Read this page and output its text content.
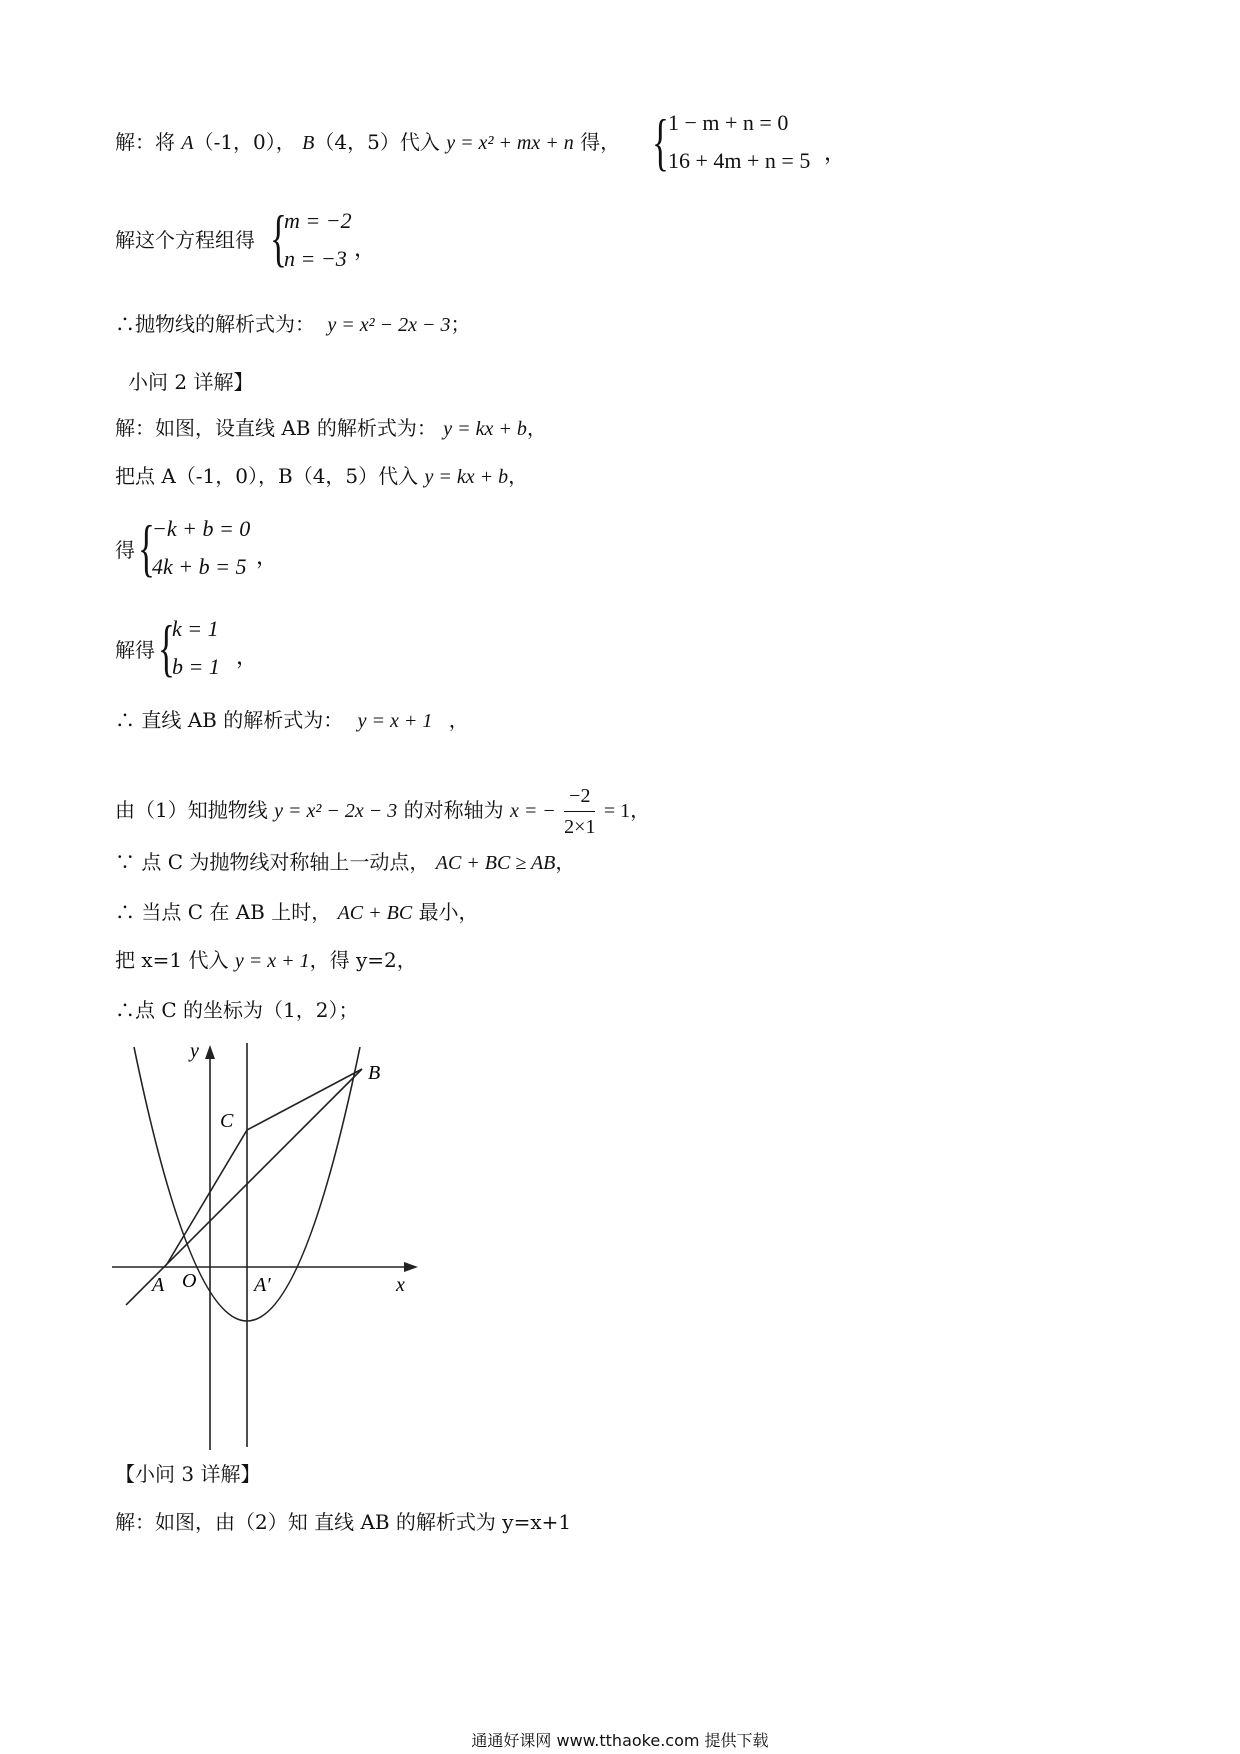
解：将 A（-1，0）， B（4，5）代入 y = x² + mx + n 得， { 1 − m + n = 0
16 + 4m + n = 5 ，
解这个方程组得 {
m = −2
n = −3 ，
∴抛物线的解析式为： y = x² − 2x − 3；
小问 2 详解】
解：如图，设直线 AB 的解析式为： y = kx + b，
把点 A（-1，0），B（4，5）代入 y = kx + b，
得 {
−k + b = 0
4k + b = 5 ，
解得 {
k = 1
b = 1 ，
∴ 直线 AB 的解析式为： y = x + 1 ，
由（1）知抛物线 y = x² − 2x − 3 的对称轴为 x = − $\frac{-2}{2\times 1} = 1$，
∵ 点 C 为抛物线对称轴上一动点， AC + BC ≥ AB，
∴ 当点 C 在 AB 上时， AC + BC 最小，
把 x=1 代入 y = x + 1，得 y=2，
∴点 C 的坐标为（1，2）；
y
x
B
C
A O	A′
【小问 3 详解】
解：如图，由（2）知 直线 AB 的解析式为 y=x+1
通通好课网 www.tthaoke.com 提供下载
